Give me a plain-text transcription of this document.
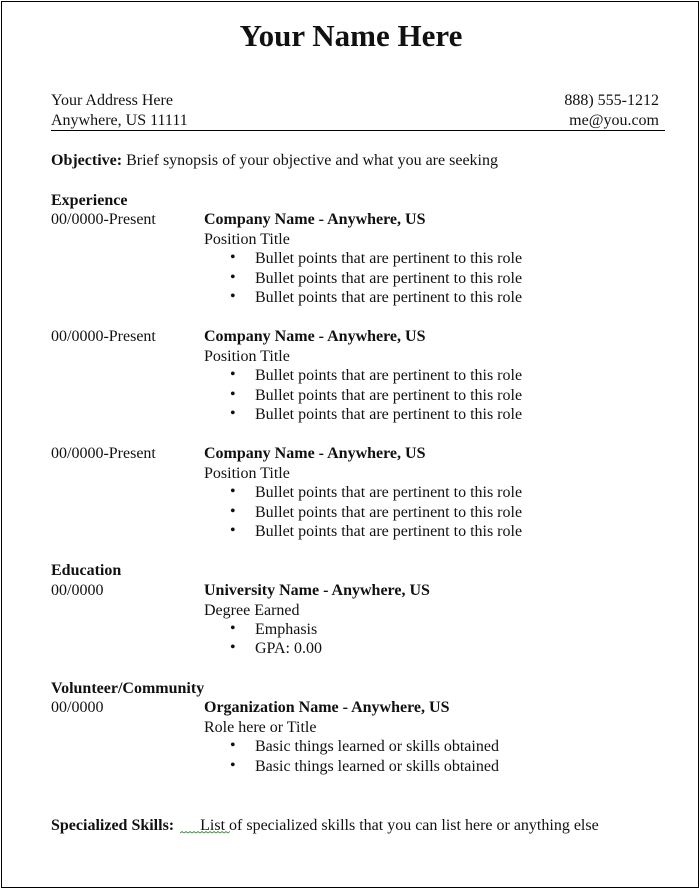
Your Name Here
Your Address Here
Anywhere, US 11111
888) 555-1212
me@you.com
Objective: Brief synopsis of your objective and what you are seeking
Experience
00/0000-Present	Company Name - Anywhere, US
Position Title
• Bullet points that are pertinent to this role
• Bullet points that are pertinent to this role
• Bullet points that are pertinent to this role
00/0000-Present	Company Name - Anywhere, US
Position Title
• Bullet points that are pertinent to this role
• Bullet points that are pertinent to this role
• Bullet points that are pertinent to this role
00/0000-Present	Company Name - Anywhere, US
Position Title
• Bullet points that are pertinent to this role
• Bullet points that are pertinent to this role
• Bullet points that are pertinent to this role
Education
00/0000	University Name - Anywhere, US
Degree Earned
• Emphasis
• GPA: 0.00
Volunteer/Community
00/0000	Organization Name - Anywhere, US
Role here or Title
• Basic things learned or skills obtained
• Basic things learned or skills obtained
Specialized Skills: List of specialized skills that you can list here or anything else
